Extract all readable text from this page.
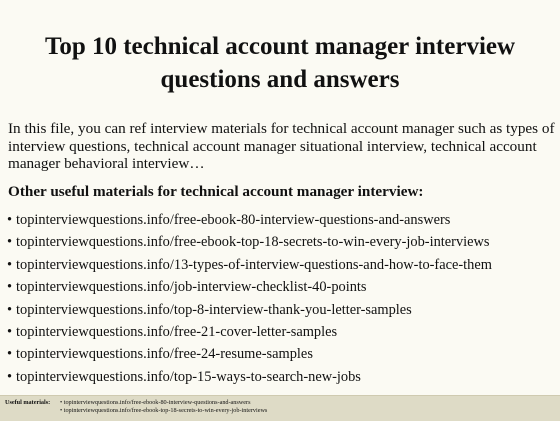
Top 10 technical account manager interview questions and answers

In this file, you can ref interview materials for technical account manager such as types of interview questions, technical account manager situational interview, technical account manager behavioral interview…

Other useful materials for technical account manager interview:

• topinterviewquestions.info/free-ebook-80-interview-questions-and-answers
• topinterviewquestions.info/free-ebook-top-18-secrets-to-win-every-job-interviews
• topinterviewquestions.info/13-types-of-interview-questions-and-how-to-face-them
• topinterviewquestions.info/job-interview-checklist-40-points
• topinterviewquestions.info/top-8-interview-thank-you-letter-samples
• topinterviewquestions.info/free-21-cover-letter-samples
• topinterviewquestions.info/free-24-resume-samples
• topinterviewquestions.info/top-15-ways-to-search-new-jobs
Useful materials: • topinterviewquestions.info/free-ebook-80-interview-questions-and-answers
• topinterviewquestions.info/free-ebook-top-18-secrets-to-win-every-job-interviews
